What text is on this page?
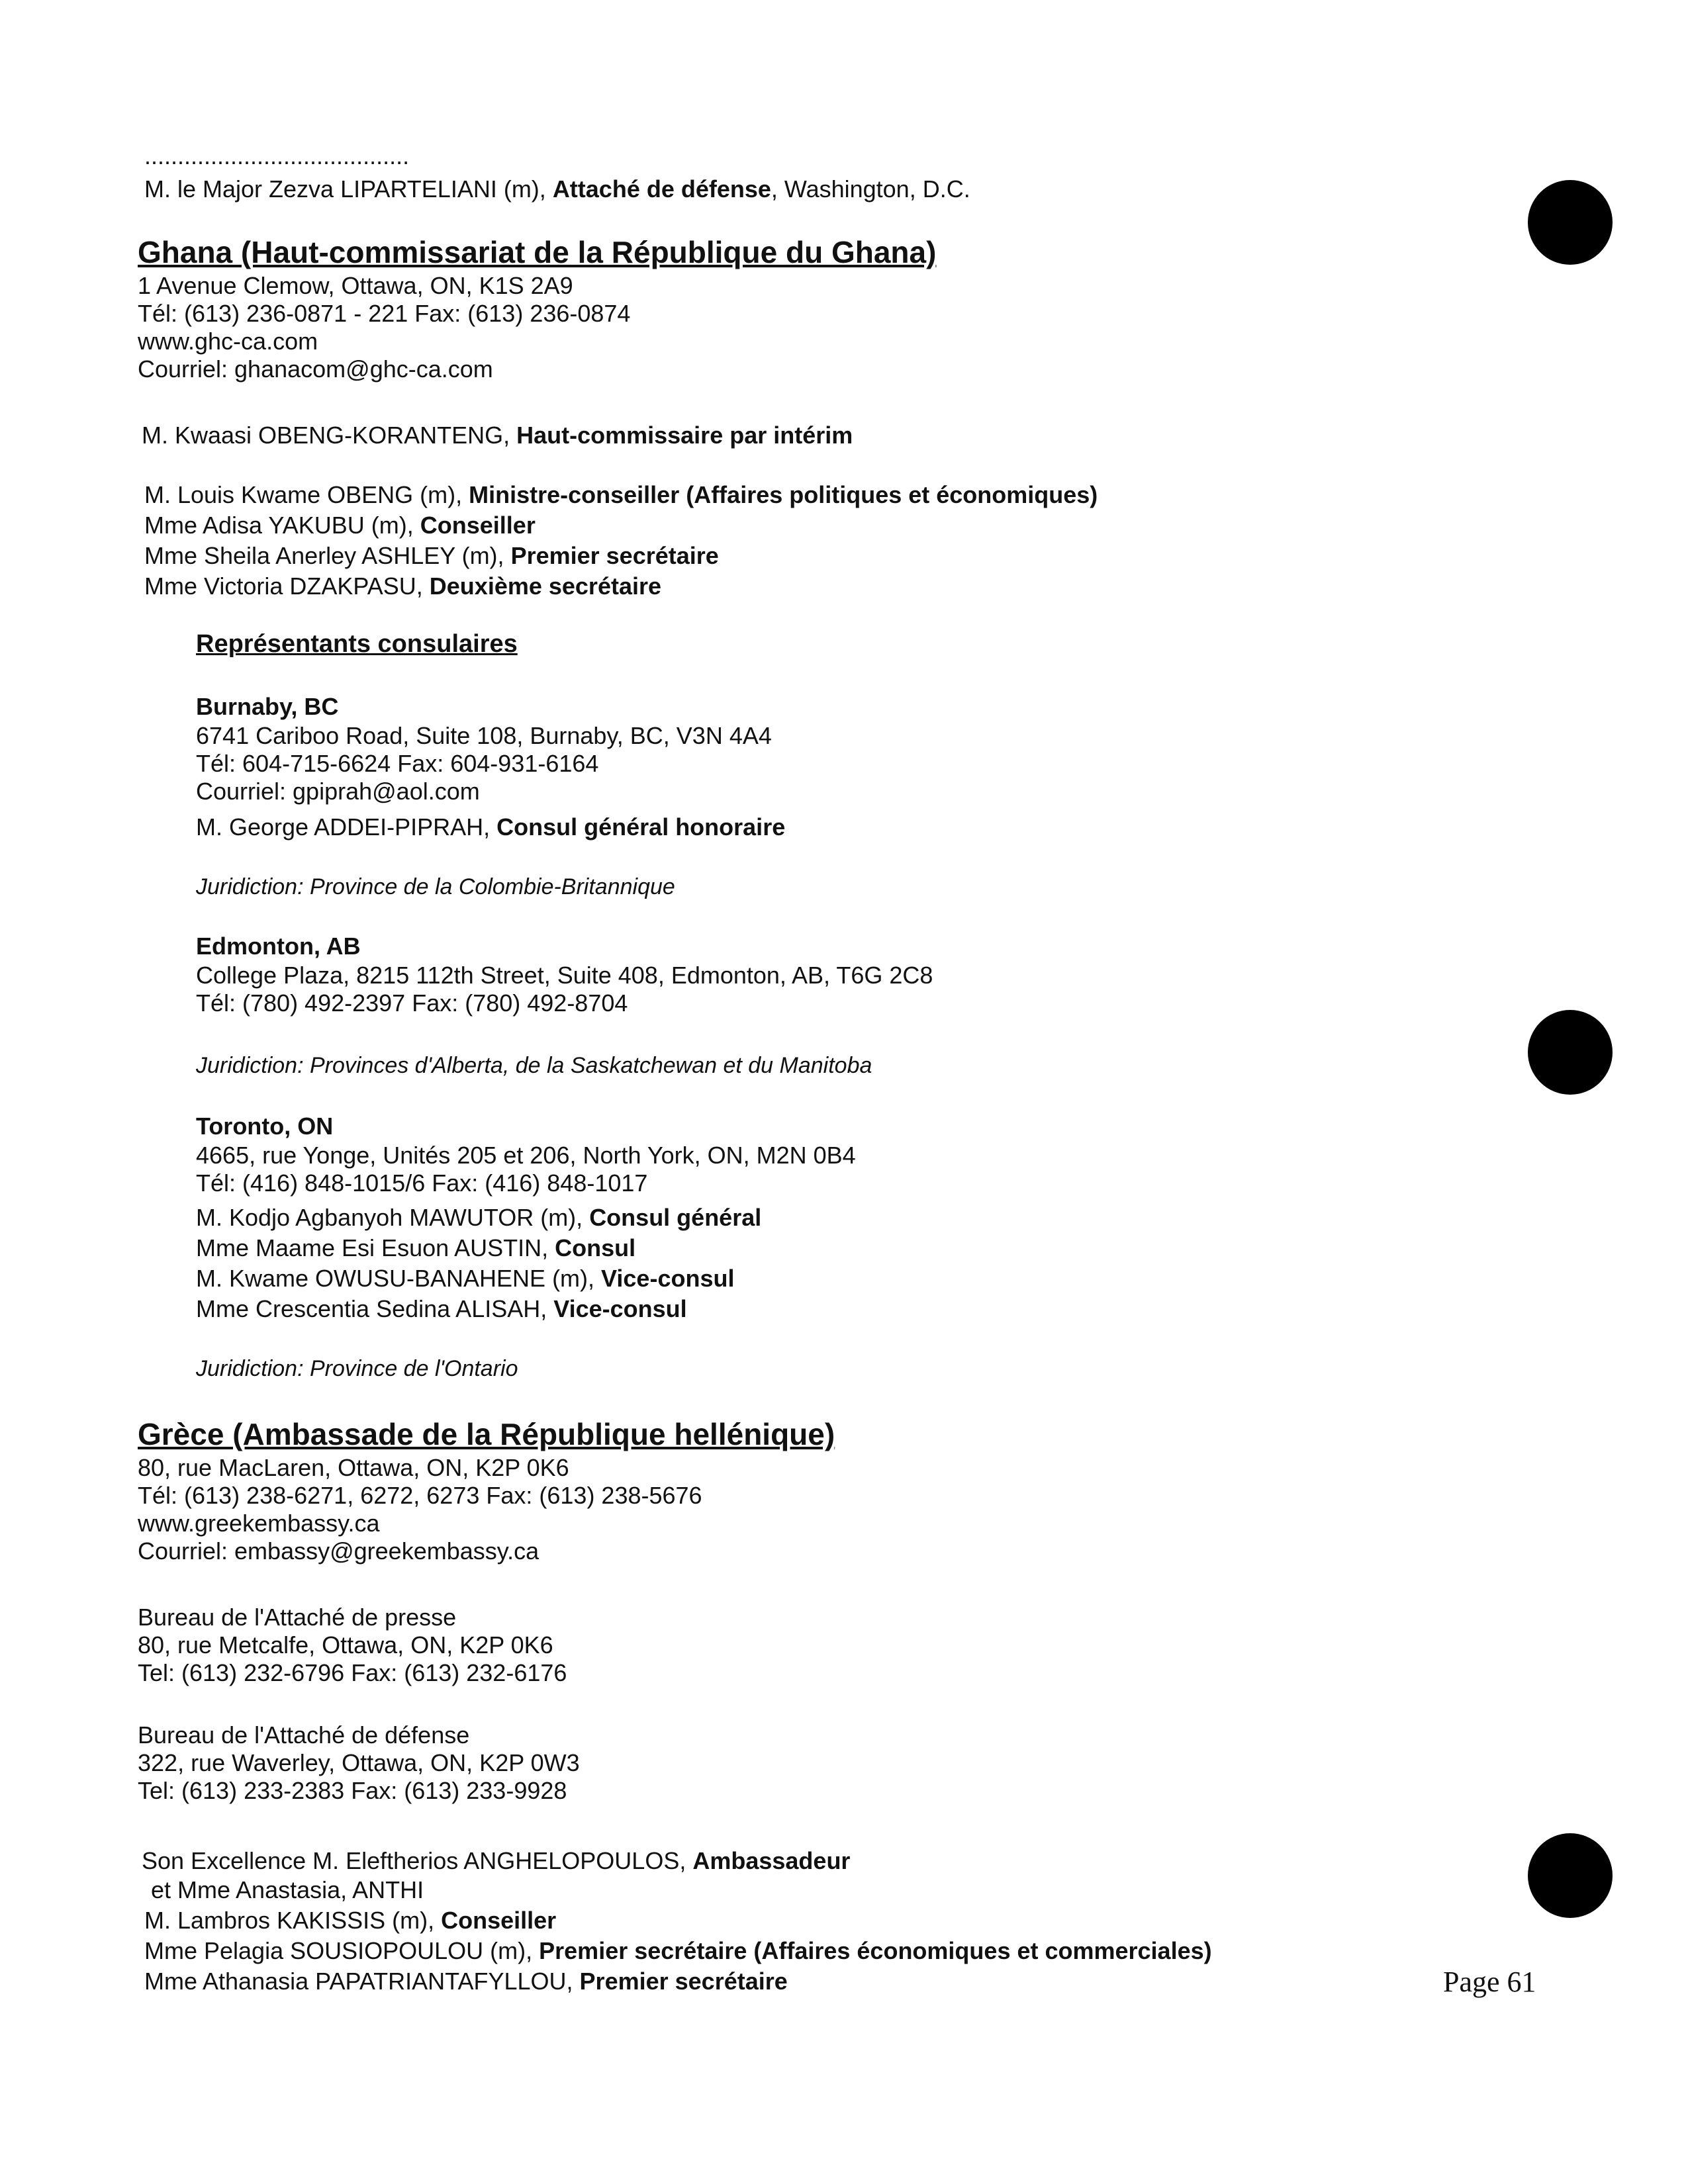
........................................
M. le Major Zezva LIPARTELIANI (m), Attaché de défense, Washington, D.C.
Ghana (Haut-commissariat de la République du Ghana)
1 Avenue Clemow, Ottawa, ON, K1S 2A9
Tél: (613) 236-0871 - 221 Fax: (613) 236-0874
www.ghc-ca.com
Courriel: ghanacom@ghc-ca.com
M. Kwaasi OBENG-KORANTENG, Haut-commissaire par intérim
M. Louis Kwame OBENG (m), Ministre-conseiller (Affaires politiques et économiques)
Mme Adisa YAKUBU (m), Conseiller
Mme Sheila Anerley ASHLEY (m), Premier secrétaire
Mme Victoria DZAKPASU, Deuxième secrétaire
Représentants consulaires
Burnaby, BC
6741 Cariboo Road, Suite 108, Burnaby, BC, V3N 4A4
Tél: 604-715-6624 Fax: 604-931-6164
Courriel: gpiprah@aol.com
M. George ADDEI-PIPRAH, Consul général honoraire
Juridiction: Province de la Colombie-Britannique
Edmonton, AB
College Plaza, 8215 112th Street, Suite 408, Edmonton, AB, T6G 2C8
Tél: (780) 492-2397 Fax: (780) 492-8704
Juridiction: Provinces d'Alberta, de la Saskatchewan et du Manitoba
Toronto, ON
4665, rue Yonge, Unités 205 et 206, North York, ON, M2N 0B4
Tél: (416) 848-1015/6 Fax: (416) 848-1017
M. Kodjo Agbanyoh MAWUTOR (m), Consul général
Mme Maame Esi Esuon AUSTIN, Consul
M. Kwame OWUSU-BANAHENE (m), Vice-consul
Mme Crescentia Sedina ALISAH, Vice-consul
Juridiction: Province de l'Ontario
Grèce (Ambassade de la République hellénique)
80, rue MacLaren, Ottawa, ON, K2P 0K6
Tél: (613) 238-6271, 6272, 6273 Fax: (613) 238-5676
www.greekembassy.ca
Courriel: embassy@greekembassy.ca
Bureau de l'Attaché de presse
80, rue Metcalfe, Ottawa, ON, K2P 0K6
Tel: (613) 232-6796 Fax: (613) 232-6176
Bureau de l'Attaché de défense
322, rue Waverley, Ottawa, ON, K2P 0W3
Tel: (613) 233-2383 Fax: (613) 233-9928
Son Excellence M. Eleftherios ANGHELOPOULOS, Ambassadeur
et Mme Anastasia, ANTHI
M. Lambros KAKISSIS (m), Conseiller
Mme Pelagia SOUSIOPOULOU (m), Premier secrétaire (Affaires économiques et commerciales)
Mme Athanasia PAPATRIANTAFYLLOU, Premier secrétaire	Page 61
